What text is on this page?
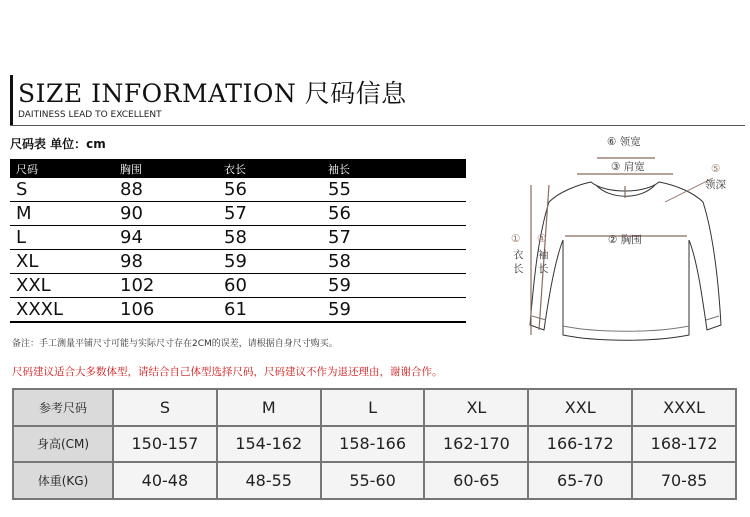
SIZE INFORMATION 尺码信息
DAITINESS LEAD TO EXCELLENT
尺码表 单位：cm
尺码	胸围	衣长	袖长
S	88	56	55
M	90	57	56
L	94	58	57
XL	98	59	58
XXL	102	60	59
XXXL	106	61	59
⑥ 领宽
③ 肩宽	⑤
领深
② 胸围
① ④
衣
长
袖
长
备注：手工测量平铺尺寸可能与实际尺寸存在2CM的误差，请根据自身尺寸购买。
尺码建议适合大多数体型，请结合自己体型选择尺码，尺码建议不作为退还理由，谢谢合作。
参考尺码	S	M	L	XL	XXL	XXXL
身高(CM)	150-157	154-162	158-166	162-170	166-172	168-172
体重(KG)	40-48	48-55	55-60	60-65	65-70	70-85
